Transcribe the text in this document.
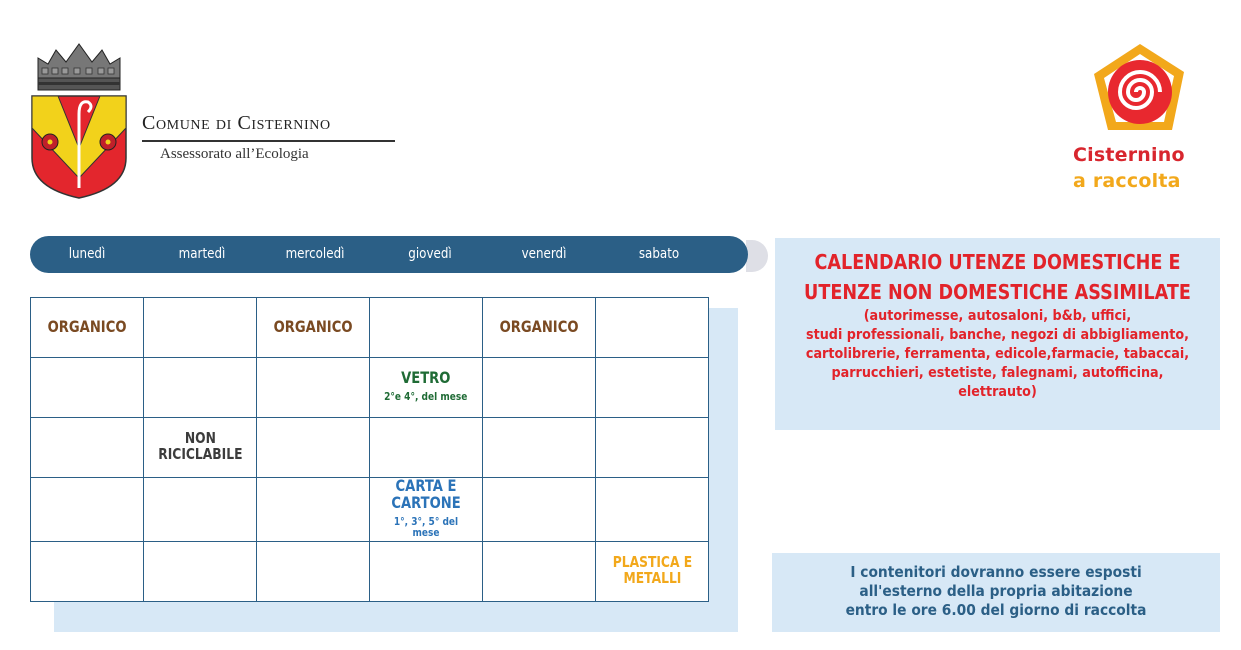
Comune di Cisternino
Assessorato all’Ecologia	Cisternino
a raccolta
lunedì	martedì	mercoledì	giovedì	venerdì	sabato
ORGANICO		ORGANICO		ORGANICO	
			VETRO
2°e 4°, del mese		

	NON
RICICLABILE				
			CARTA E
CARTONE
1°, 3°, 5° del mese		

					PLASTICA E
METALLI
CALENDARIO UTENZE DOMESTICHE E
UTENZE NON DOMESTICHE ASSIMILATE
(autorimesse, autosaloni, b&b, uffici,
studi professionali, banche, negozi di abbigliamento,
cartolibrerie, ferramenta, edicole,farmacie, tabaccai,
parrucchieri, estetiste, falegnami, autofficina,
elettrauto)
I contenitori dovranno essere esposti
all'esterno della propria abitazione
entro le ore 6.00 del giorno di raccolta
